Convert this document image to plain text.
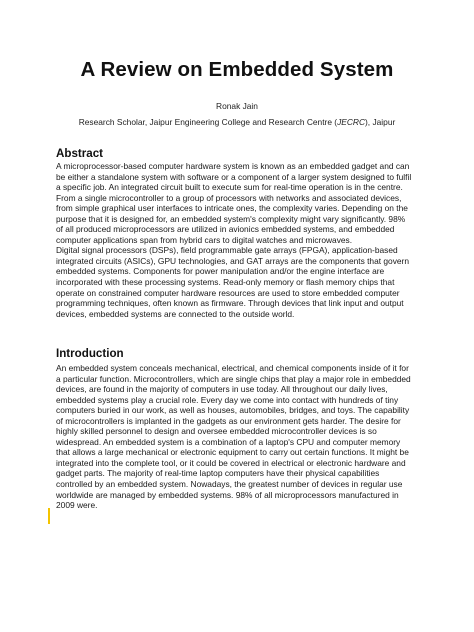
A Review on Embedded System
Ronak Jain
Research Scholar, Jaipur Engineering College and Research Centre (JECRC), Jaipur
Abstract
A microprocessor-based computer hardware system is known as an embedded gadget and can
be either a standalone system with software or a component of a larger system designed to fulfil
a specific job. An integrated circuit built to execute sum for real-time operation is in the centre.
From a single microcontroller to a group of processors with networks and associated devices,
from simple graphical user interfaces to intricate ones, the complexity varies. Depending on the
purpose that it is designed for, an embedded system's complexity might vary significantly. 98%
of all produced microprocessors are utilized in avionics embedded systems, and embedded
computer applications span from hybrid cars to digital watches and microwaves.
Digital signal processors (DSPs), field programmable gate arrays (FPGA), application-based
integrated circuits (ASICs), GPU technologies, and GAT arrays are the components that govern
embedded systems. Components for power manipulation and/or the engine interface are
incorporated with these processing systems. Read-only memory or flash memory chips that
operate on constrained computer hardware resources are used to store embedded computer
programming techniques, often known as firmware. Through devices that link input and output
devices, embedded systems are connected to the outside world.
Introduction
An embedded system conceals mechanical, electrical, and chemical components inside of it for
a particular function. Microcontrollers, which are single chips that play a major role in embedded
devices, are found in the majority of computers in use today. All throughout our daily lives,
embedded systems play a crucial role. Every day we come into contact with hundreds of tiny
computers buried in our work, as well as houses, automobiles, bridges, and toys. The capability
of microcontrollers is implanted in the gadgets as our environment gets harder. The desire for
highly skilled personnel to design and oversee embedded microcontroller devices is so
widespread. An embedded system is a combination of a laptop's CPU and computer memory
that allows a large mechanical or electronic equipment to carry out certain functions. It might be
integrated into the complete tool, or it could be covered in electrical or electronic hardware and
gadget parts. The majority of real-time laptop computers have their physical capabilities
controlled by an embedded system. Nowadays, the greatest number of devices in regular use
worldwide are managed by embedded systems. 98% of all microprocessors manufactured in
2009 were.
